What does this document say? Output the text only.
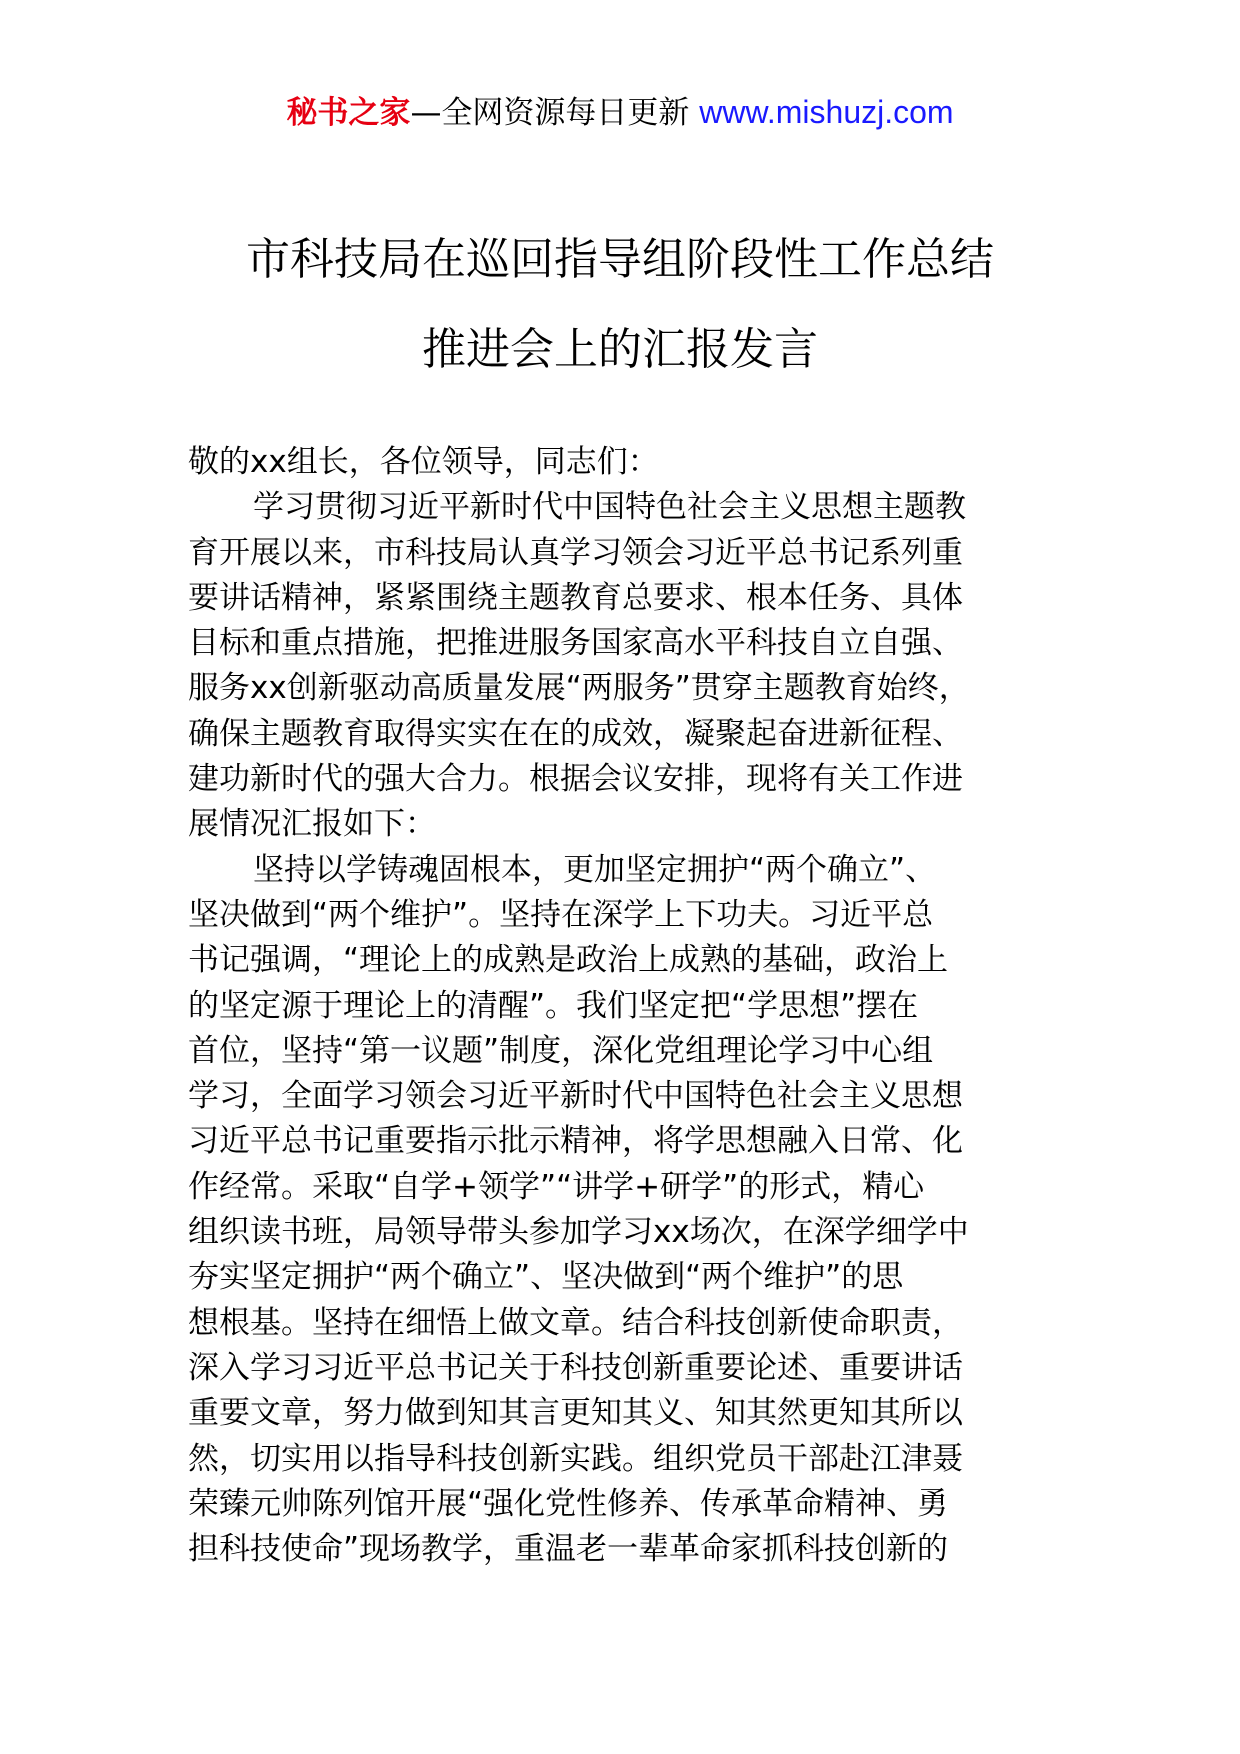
秘书之家—全网资源每日更新 www.mishuzj.com
市科技局在巡回指导组阶段性工作总结
推进会上的汇报发言
敬的xx组长，各位领导，同志们：
学习贯彻习近平新时代中国特色社会主义思想主题教
育开展以来，市科技局认真学习领会习近平总书记系列重
要讲话精神，紧紧围绕主题教育总要求、根本任务、具体
目标和重点措施，把推进服务国家高水平科技自立自强、
服务xx创新驱动高质量发展“两服务”贯穿主题教育始终，
确保主题教育取得实实在在的成效，凝聚起奋进新征程、
建功新时代的强大合力。根据会议安排，现将有关工作进
展情况汇报如下：
坚持以学铸魂固根本，更加坚定拥护“两个确立”、
坚决做到“两个维护”。坚持在深学上下功夫。习近平总
书记强调，“理论上的成熟是政治上成熟的基础，政治上
的坚定源于理论上的清醒”。我们坚定把“学思想”摆在
首位，坚持“第一议题”制度，深化党组理论学习中心组
学习，全面学习领会习近平新时代中国特色社会主义思想
习近平总书记重要指示批示精神，将学思想融入日常、化
作经常。采取“自学+领学”“讲学+研学”的形式，精心
组织读书班，局领导带头参加学习xx场次，在深学细学中
夯实坚定拥护“两个确立”、坚决做到“两个维护”的思
想根基。坚持在细悟上做文章。结合科技创新使命职责，
深入学习习近平总书记关于科技创新重要论述、重要讲话
重要文章，努力做到知其言更知其义、知其然更知其所以
然，切实用以指导科技创新实践。组织党员干部赴江津聂
荣臻元帅陈列馆开展“强化党性修养、传承革命精神、勇
担科技使命”现场教学，重温老一辈革命家抓科技创新的
